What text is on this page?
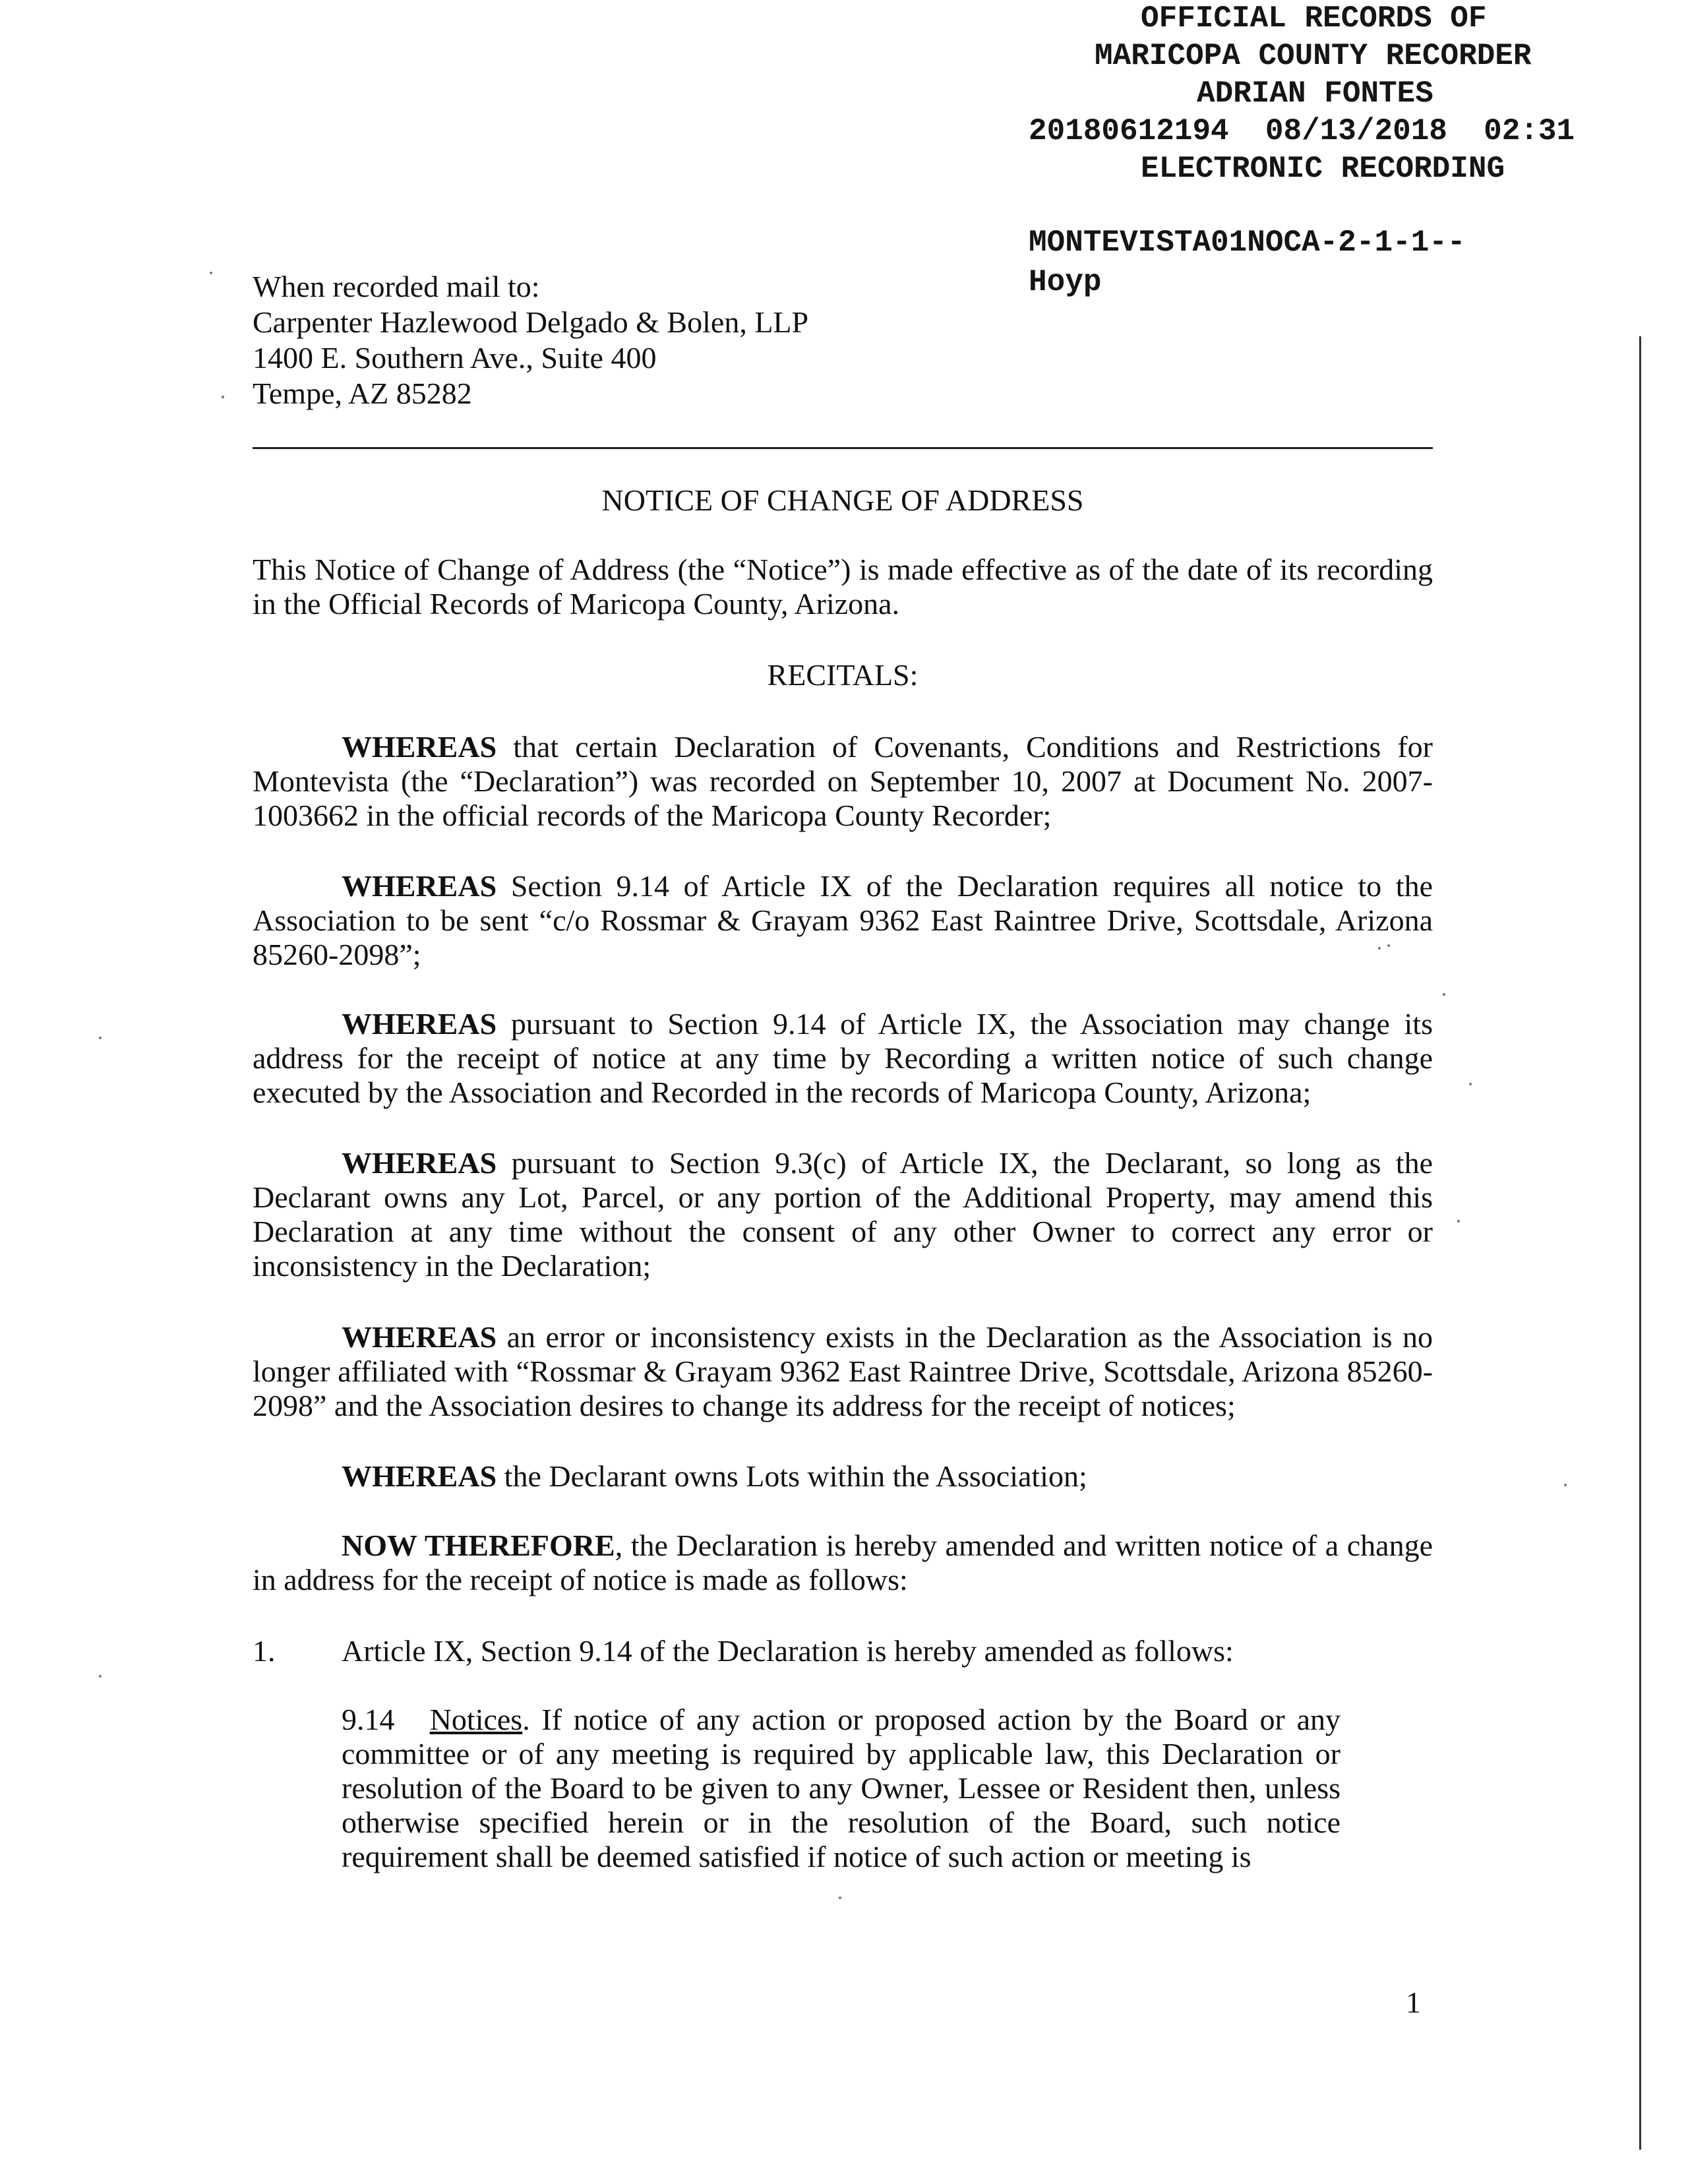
OFFICIAL RECORDS OF
MARICOPA COUNTY RECORDER
ADRIAN FONTES
20180612194  08/13/2018  02:31
ELECTRONIC RECORDING
MONTEVISTA01NOCA-2-1-1--
Hoyp
When recorded mail to:
Carpenter Hazlewood Delgado & Bolen, LLP
1400 E. Southern Ave., Suite 400
Tempe, AZ 85282
NOTICE OF CHANGE OF ADDRESS
This Notice of Change of Address (the “Notice”) is made effective as of the date of its recording in the Official Records of Maricopa County, Arizona.
RECITALS:
WHEREAS that certain Declaration of Covenants, Conditions and Restrictions for Montevista (the “Declaration”) was recorded on September 10, 2007 at Document No. 2007-1003662 in the official records of the Maricopa County Recorder;
WHEREAS Section 9.14 of Article IX of the Declaration requires all notice to the Association to be sent “c/o Rossmar & Grayam 9362 East Raintree Drive, Scottsdale, Arizona 85260-2098”;
WHEREAS pursuant to Section 9.14 of Article IX, the Association may change its address for the receipt of notice at any time by Recording a written notice of such change executed by the Association and Recorded in the records of Maricopa County, Arizona;
WHEREAS pursuant to Section 9.3(c) of Article IX, the Declarant, so long as the Declarant owns any Lot, Parcel, or any portion of the Additional Property, may amend this Declaration at any time without the consent of any other Owner to correct any error or inconsistency in the Declaration;
WHEREAS an error or inconsistency exists in the Declaration as the Association is no longer affiliated with “Rossmar & Grayam 9362 East Raintree Drive, Scottsdale, Arizona 85260-2098” and the Association desires to change its address for the receipt of notices;
WHEREAS the Declarant owns Lots within the Association;
NOW THEREFORE, the Declaration is hereby amended and written notice of a change in address for the receipt of notice is made as follows:
1. Article IX, Section 9.14 of the Declaration is hereby amended as follows:
9.14 Notices. If notice of any action or proposed action by the Board or any committee or of any meeting is required by applicable law, this Declaration or resolution of the Board to be given to any Owner, Lessee or Resident then, unless otherwise specified herein or in the resolution of the Board, such notice requirement shall be deemed satisfied if notice of such action or meeting is
1
